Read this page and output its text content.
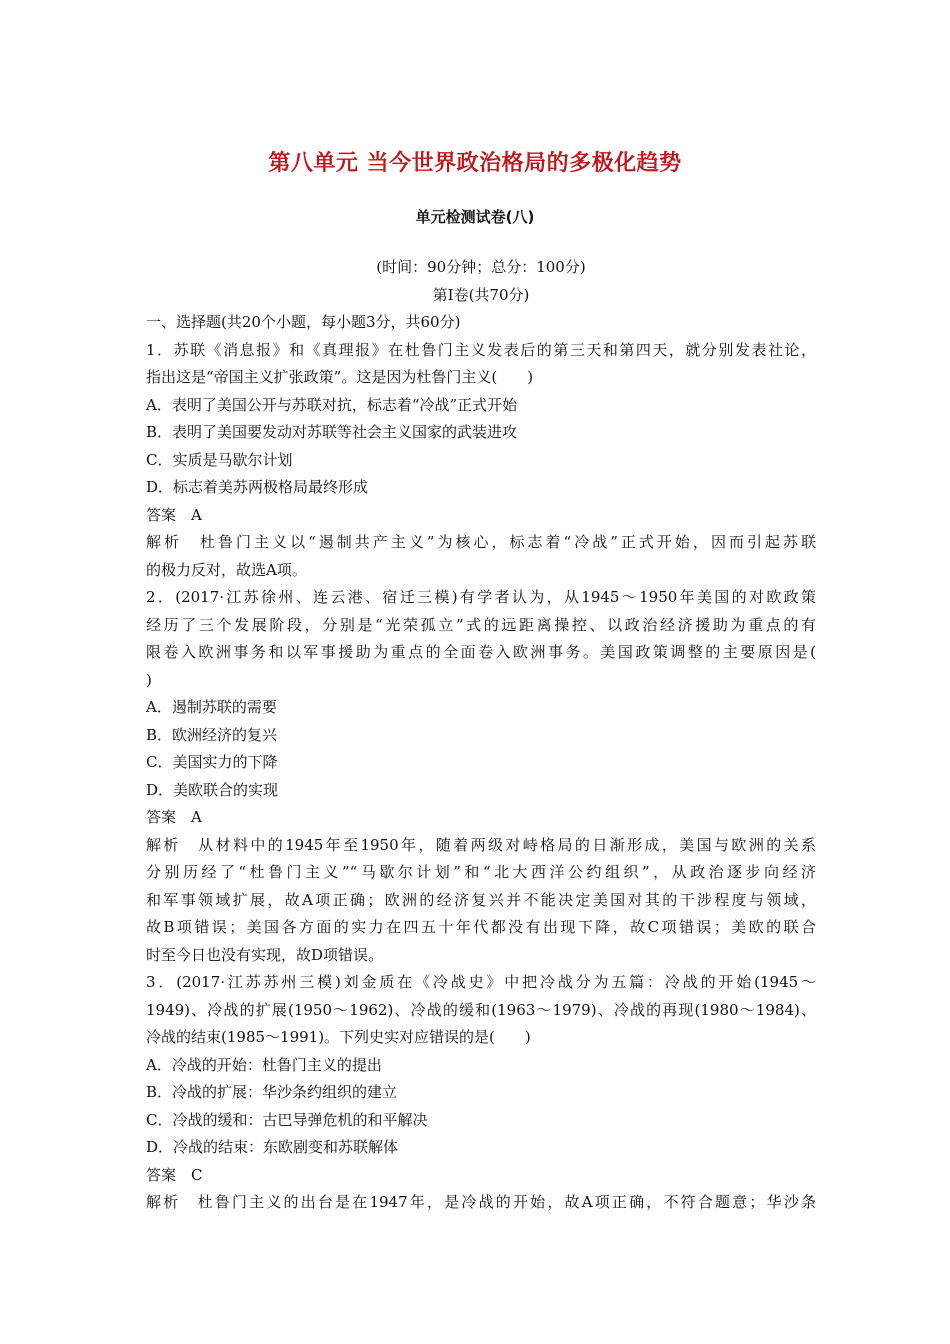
第八单元 当今世界政治格局的多极化趋势
单元检测试卷(八)
(时间：90分钟；总分：100分)
第Ⅰ卷(共70分)
一、选择题(共20个小题，每小题3分，共60分)
1．苏联《消息报》和《真理报》在杜鲁门主义发表后的第三天和第四天，就分别发表社论，
指出这是“帝国主义扩张政策”。这是因为杜鲁门主义(　　)
A．表明了美国公开与苏联对抗，标志着“冷战”正式开始
B．表明了美国要发动对苏联等社会主义国家的武装进攻
C．实质是马歇尔计划
D．标志着美苏两极格局最终形成
答案　A
解析　杜鲁门主义以“遏制共产主义”为核心，标志着“冷战”正式开始，因而引起苏联
的极力反对，故选A项。
2．(2017·江苏徐州、连云港、宿迁三模)有学者认为，从1945～1950年美国的对欧政策
经历了三个发展阶段，分别是“光荣孤立”式的远距离操控、以政治经济援助为重点的有
限卷入欧洲事务和以军事援助为重点的全面卷入欧洲事务。美国政策调整的主要原因是(
)
A．遏制苏联的需要
B．欧洲经济的复兴
C．美国实力的下降
D．美欧联合的实现
答案　A
解析　从材料中的1945年至1950年，随着两级对峙格局的日渐形成，美国与欧洲的关系
分别历经了“杜鲁门主义”“马歇尔计划”和“北大西洋公约组织”，从政治逐步向经济
和军事领域扩展，故A项正确；欧洲的经济复兴并不能决定美国对其的干涉程度与领域，
故B项错误；美国各方面的实力在四五十年代都没有出现下降，故C项错误；美欧的联合
时至今日也没有实现，故D项错误。
3．(2017·江苏苏州三模)刘金质在《冷战史》中把冷战分为五篇：冷战的开始(1945～
1949)、冷战的扩展(1950～1962)、冷战的缓和(1963～1979)、冷战的再现(1980～1984)、
冷战的结束(1985～1991)。下列史实对应错误的是(　　)
A．冷战的开始：杜鲁门主义的提出
B．冷战的扩展：华沙条约组织的建立
C．冷战的缓和：古巴导弹危机的和平解决
D．冷战的结束：东欧剧变和苏联解体
答案　C
解析　杜鲁门主义的出台是在1947年，是冷战的开始，故A项正确，不符合题意；华沙条
